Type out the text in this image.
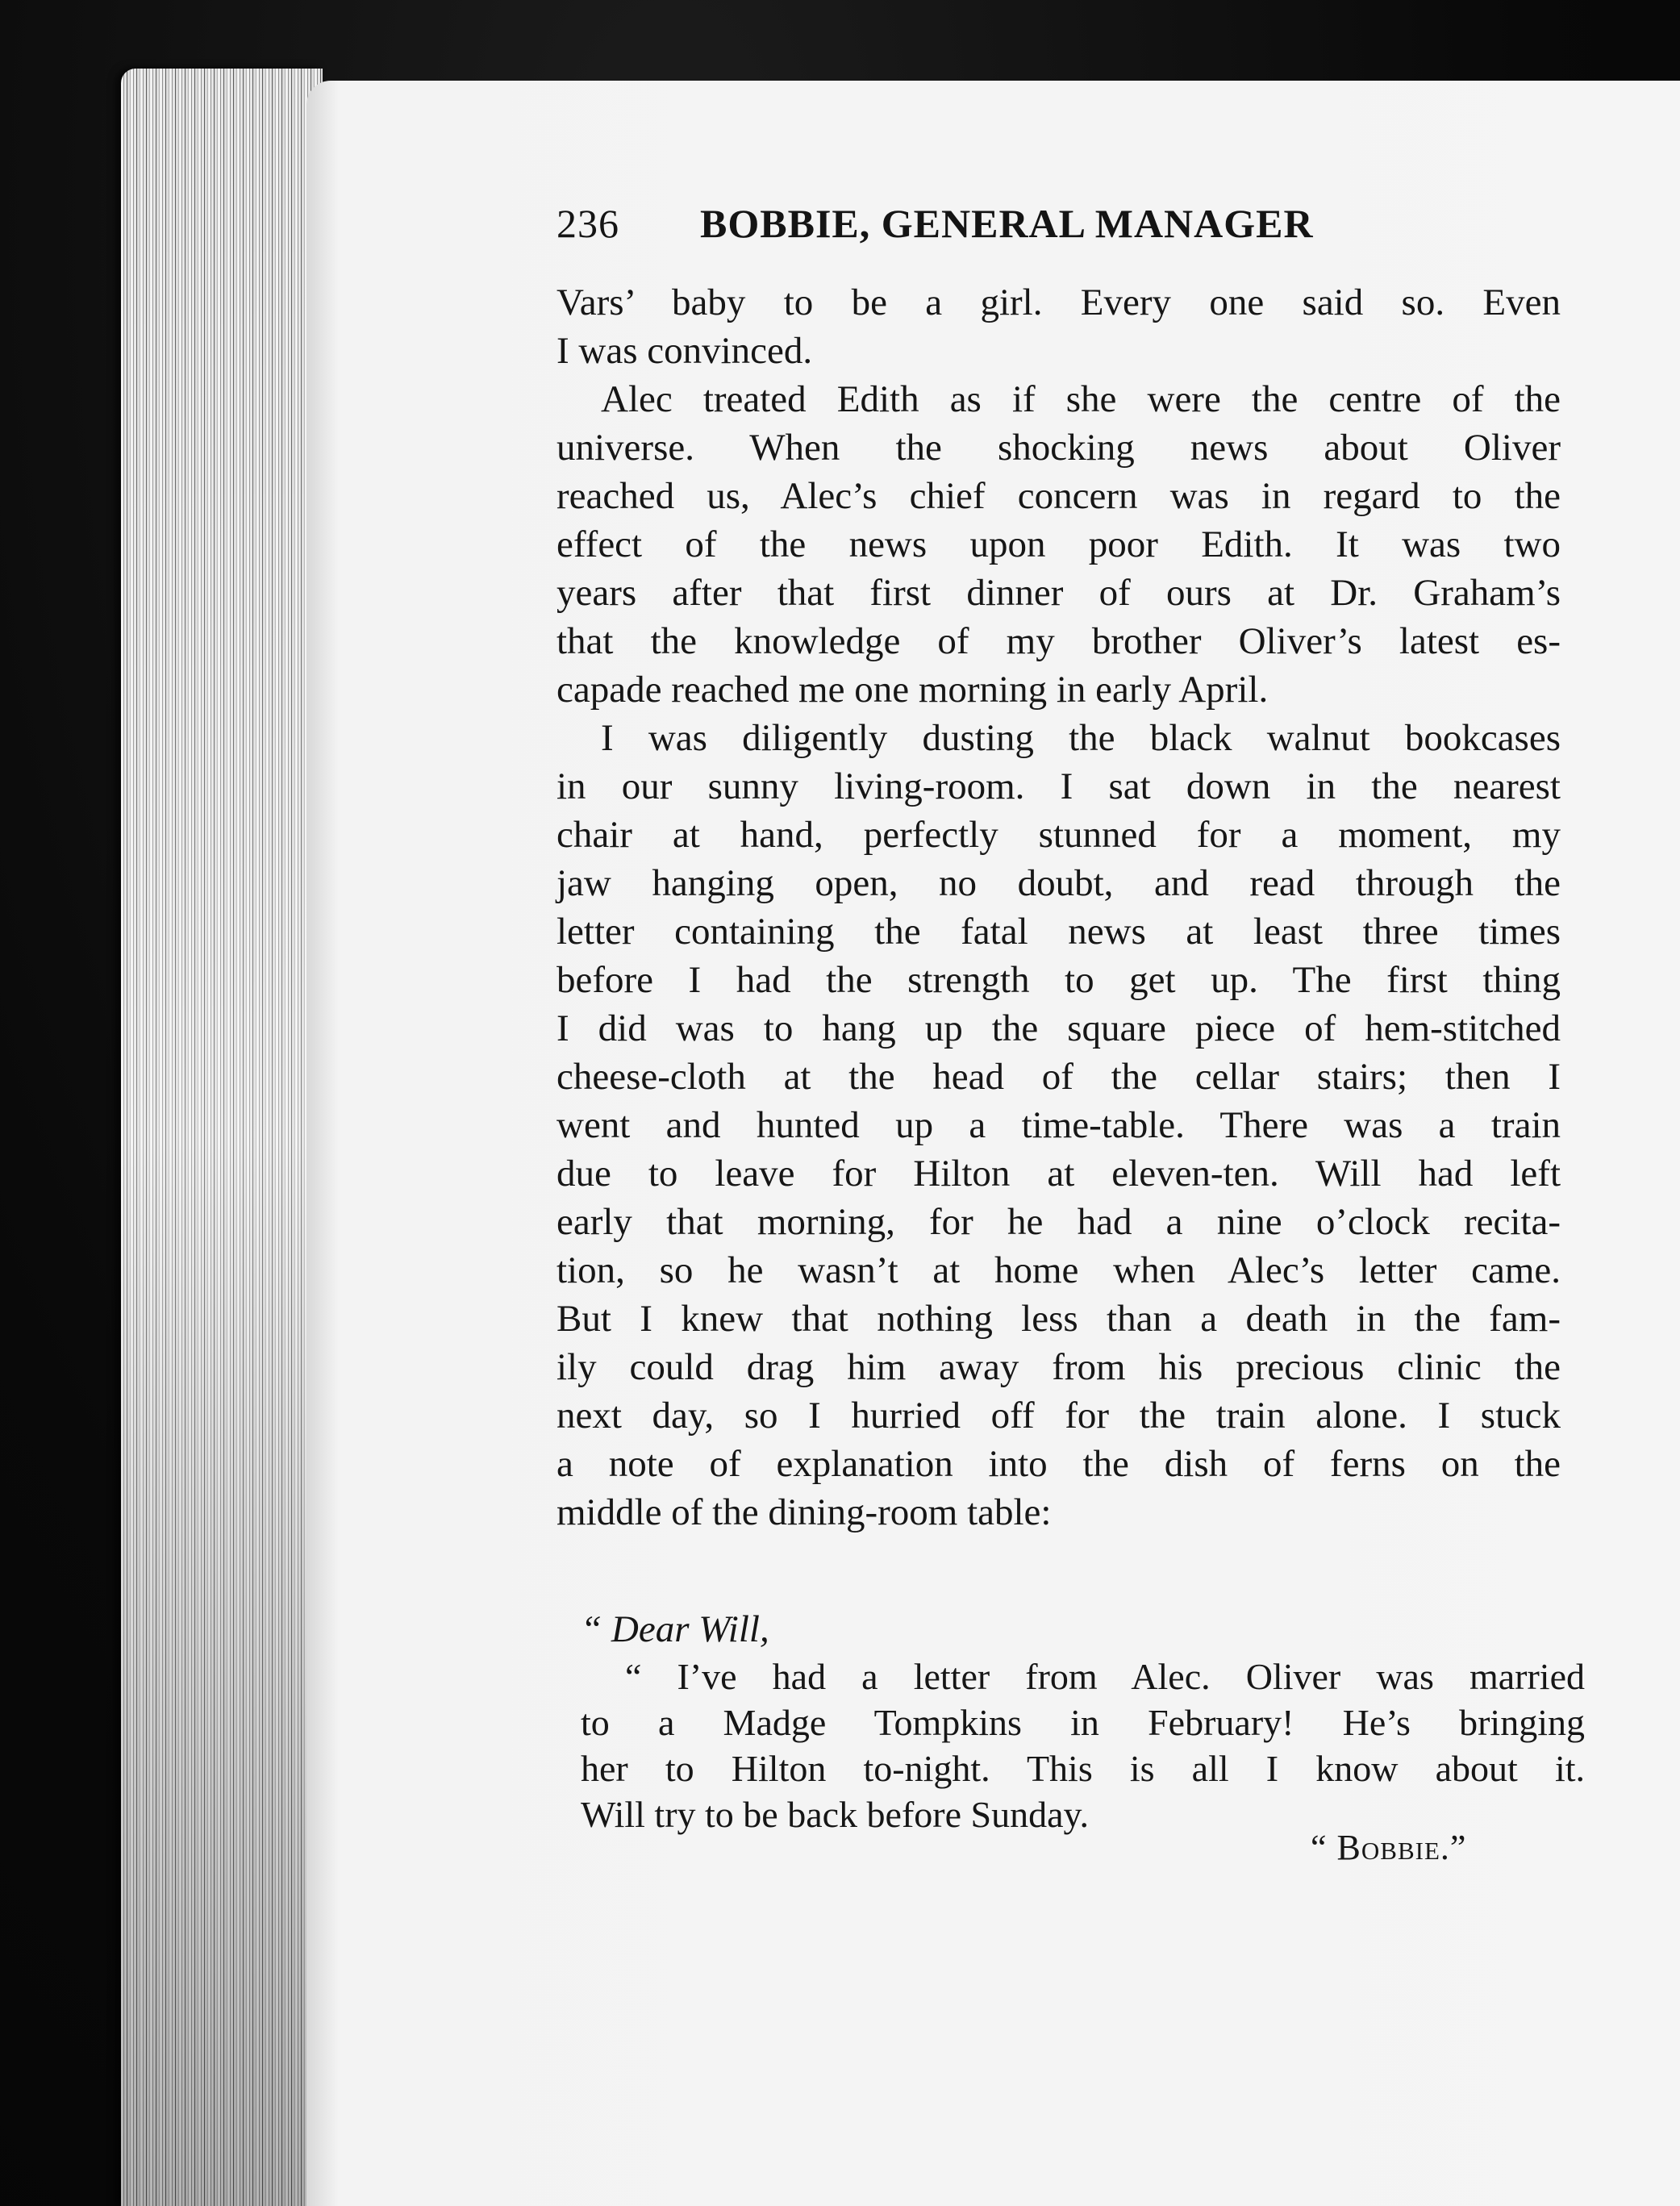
236 BOBBIE, GENERAL MANAGER
Vars’ baby to be a girl. Every one said so. Even
I was convinced.
Alec treated Edith as if she were the centre of the
universe. When the shocking news about Oliver
reached us, Alec’s chief concern was in regard to the
effect of the news upon poor Edith. It was two
years after that first dinner of ours at Dr. Graham’s
that the knowledge of my brother Oliver’s latest es-
capade reached me one morning in early April.
I was diligently dusting the black walnut bookcases
in our sunny living-room. I sat down in the nearest
chair at hand, perfectly stunned for a moment, my
jaw hanging open, no doubt, and read through the
letter containing the fatal news at least three times
before I had the strength to get up. The first thing
I did was to hang up the square piece of hem-stitched
cheese-cloth at the head of the cellar stairs; then I
went and hunted up a time-table. There was a train
due to leave for Hilton at eleven-ten. Will had left
early that morning, for he had a nine o’clock recita-
tion, so he wasn’t at home when Alec’s letter came.
But I knew that nothing less than a death in the fam-
ily could drag him away from his precious clinic the
next day, so I hurried off for the train alone. I stuck
a note of explanation into the dish of ferns on the
middle of the dining-room table:
“ Dear Will,
“ I’ve had a letter from Alec. Oliver was married
to a Madge Tompkins in February! He’s bringing
her to Hilton to-night. This is all I know about it.
Will try to be back before Sunday.
“ Bobbie.”
